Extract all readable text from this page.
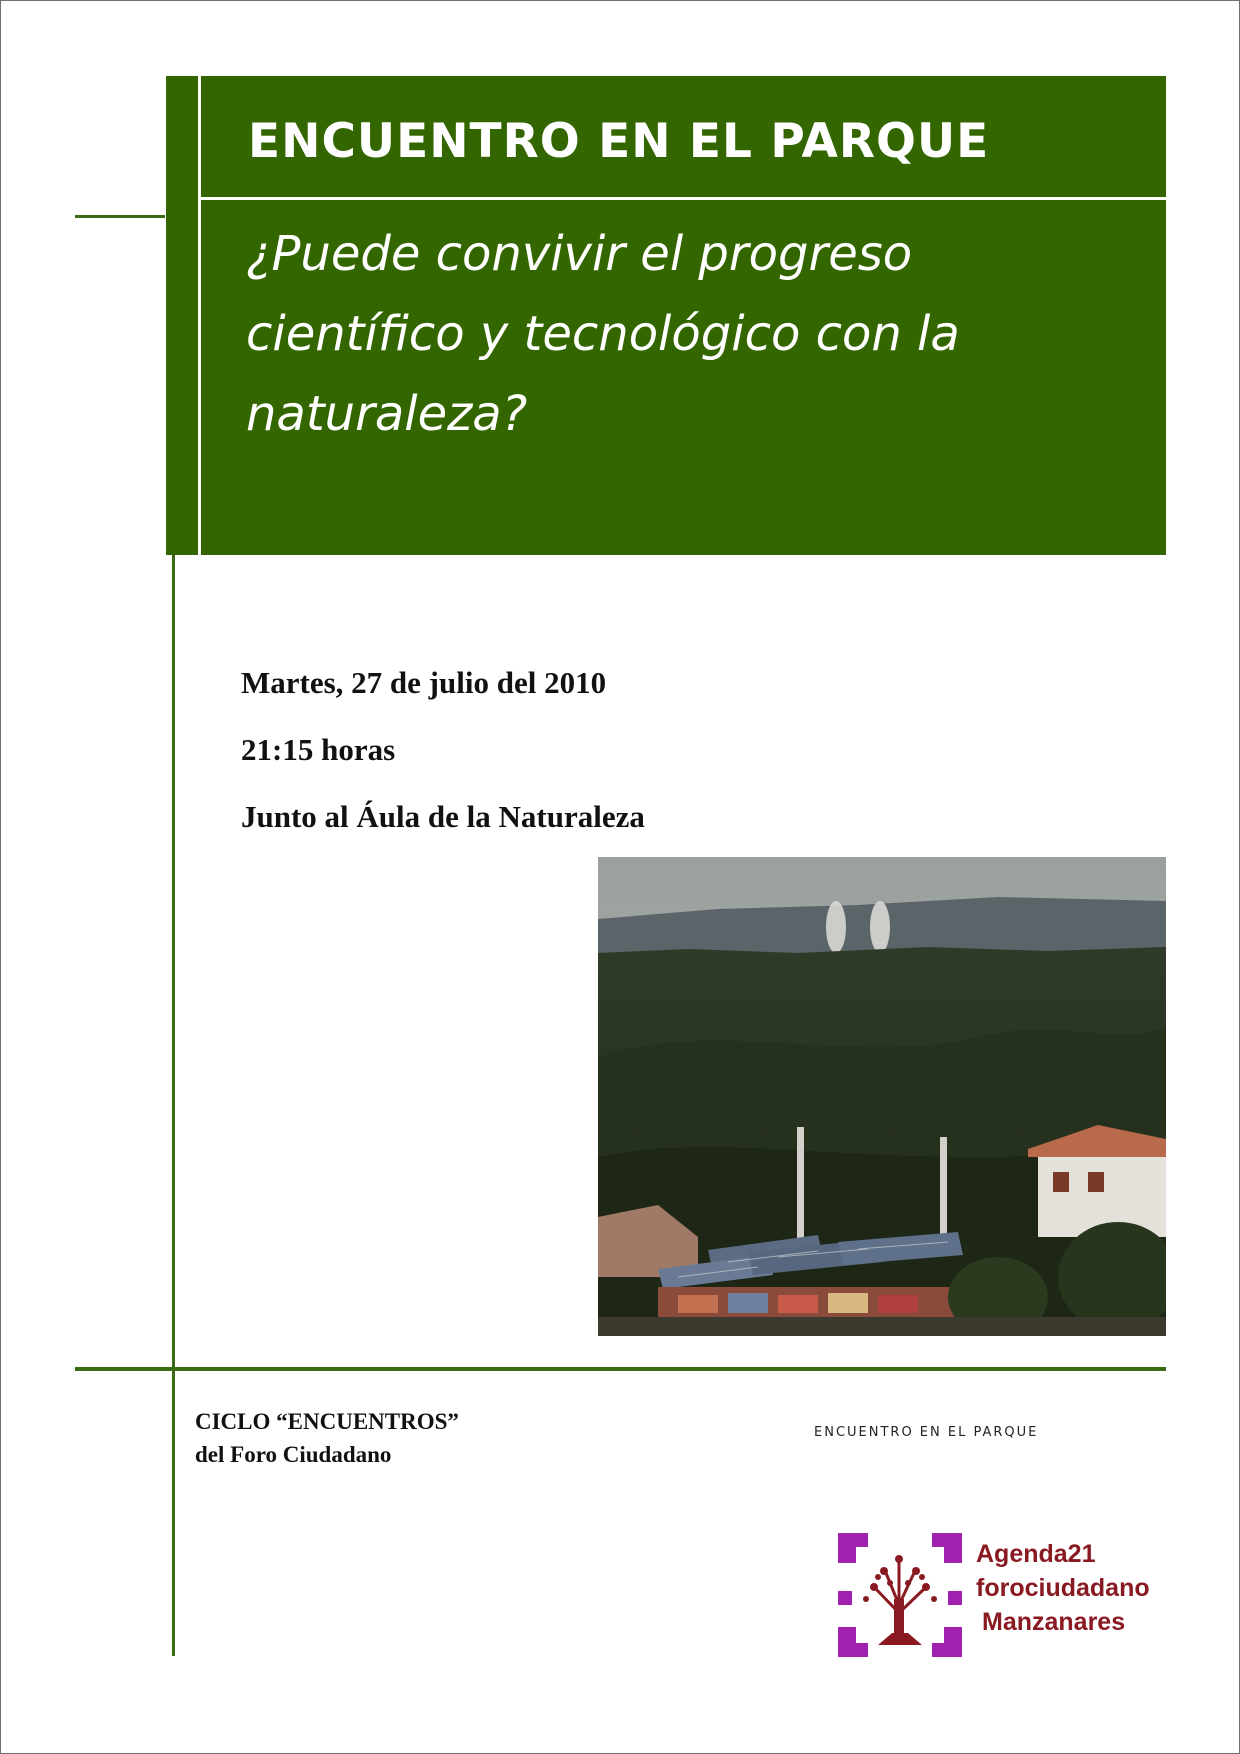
ENCUENTRO EN EL PARQUE

¿Puede convivir el progreso
científico y tecnológico con la
naturaleza?

Martes, 27 de julio del 2010
21:15 horas
Junto al Áula de la Naturaleza
CICLO “ENCUENTROS”
del Foro Ciudadano
ENCUENTRO EN EL PARQUE
Agenda21
forociudadano
Manzanares
